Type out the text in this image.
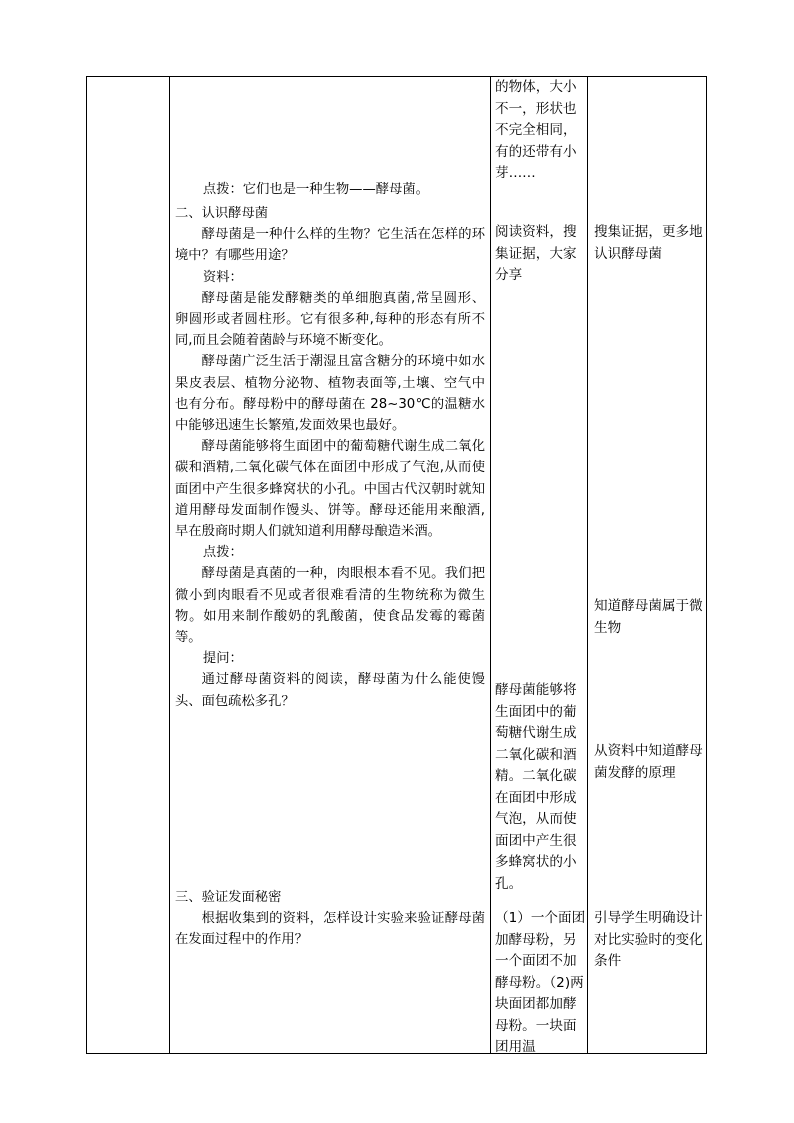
点拨：它们也是一种生物——酵母菌。

二、认识酵母菌

酵母菌是一种什么样的生物？它生活在怎样的环境中？有哪些用途？

资料：

酵母菌是能发酵糖类的单细胞真菌,常呈圆形、卵圆形或者圆柱形。它有很多种,每种的形态有所不同,而且会随着菌龄与环境不断变化。

酵母菌广泛生活于潮湿且富含糖分的环境中如水果皮表层、植物分泌物、植物表面等,土壤、空气中也有分布。酵母粉中的酵母菌在 28~30℃的温糖水中能够迅速生长繁殖,发面效果也最好。

酵母菌能够将生面团中的葡萄糖代谢生成二氧化碳和酒精,二氧化碳气体在面团中形成了气泡,从而使面团中产生很多蜂窝状的小孔。中国古代汉朝时就知道用酵母发面制作馒头、饼等。酵母还能用来酿酒,早在殷商时期人们就知道利用酵母酿造米酒。

点拨：

酵母菌是真菌的一种，肉眼根本看不见。我们把微小到肉眼看不见或者很难看清的生物统称为微生物。如用来制作酸奶的乳酸菌，使食品发霉的霉菌等。

提问：

通过酵母菌资料的阅读，酵母菌为什么能使馒头、面包疏松多孔？

三、验证发面秘密

根据收集到的资料，怎样设计实验来验证酵母菌在发面过程中的作用？

的物体，大小不一，形状也不完全相同，有的还带有小芽……

阅读资料，搜集证据，大家分享

酵母菌能够将生面团中的葡萄糖代谢生成二氧化碳和酒精。二氧化碳在面团中形成气泡，从而使面团中产生很多蜂窝状的小孔。

（1）一个面团加酵母粉，另一个面团不加酵母粉。（2)两块面团都加酵母粉。一块面团用温

搜集证据，更多地认识酵母菌

知道酵母菌属于微生物

从资料中知道酵母菌发酵的原理

引导学生明确设计对比实验时的变化条件
